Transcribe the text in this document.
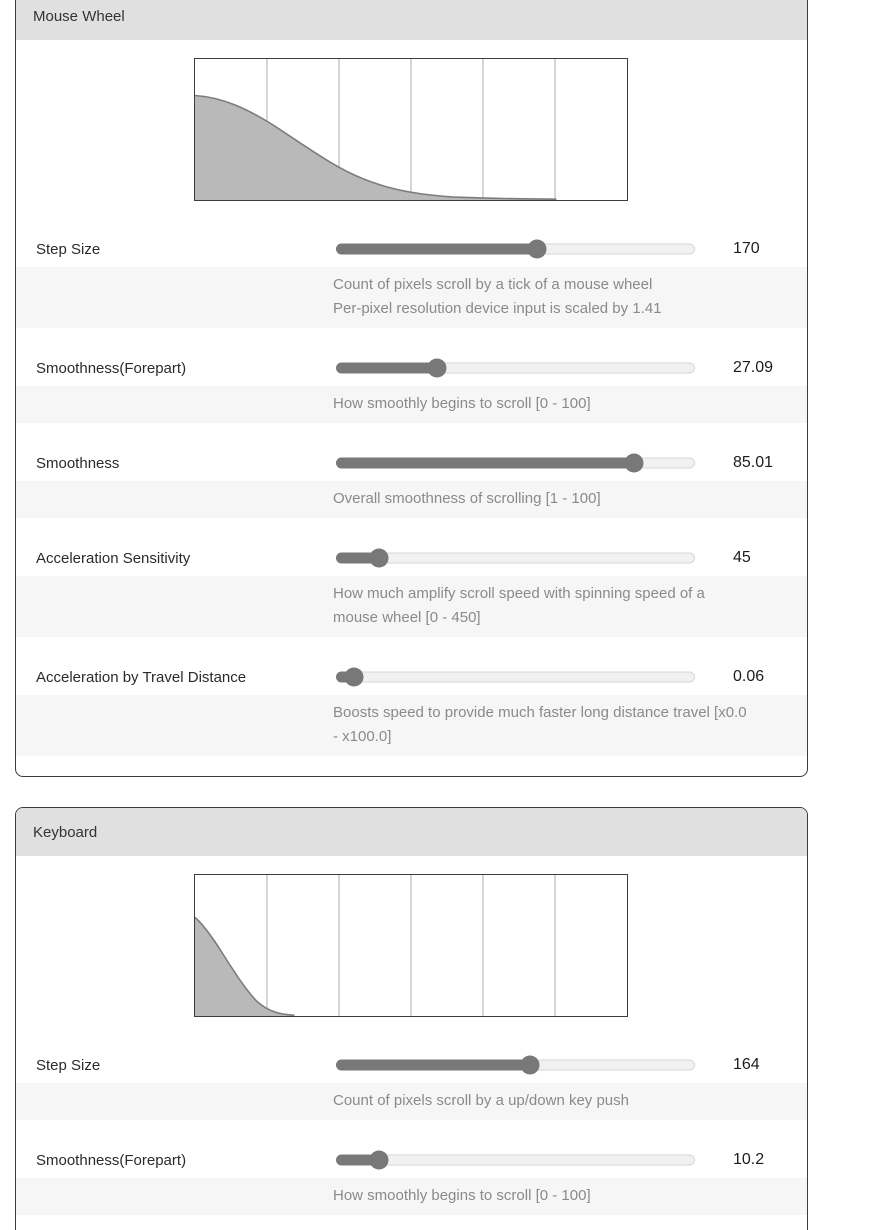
Mouse Wheel
Step Size	170
Count of pixels scroll by a tick of a mouse wheel
Per-pixel resolution device input is scaled by 1.41
Smoothness(Forepart)	27.09
How smoothly begins to scroll [0 - 100]
Smoothness	85.01
Overall smoothness of scrolling [1 - 100]
Acceleration Sensitivity	45
How much amplify scroll speed with spinning speed of a
mouse wheel [0 - 450]
Acceleration by Travel Distance	0.06
Boosts speed to provide much faster long distance travel [x0.0
- x100.0]
Keyboard
Step Size	164
Count of pixels scroll by a up/down key push
Smoothness(Forepart)	10.2
How smoothly begins to scroll [0 - 100]
